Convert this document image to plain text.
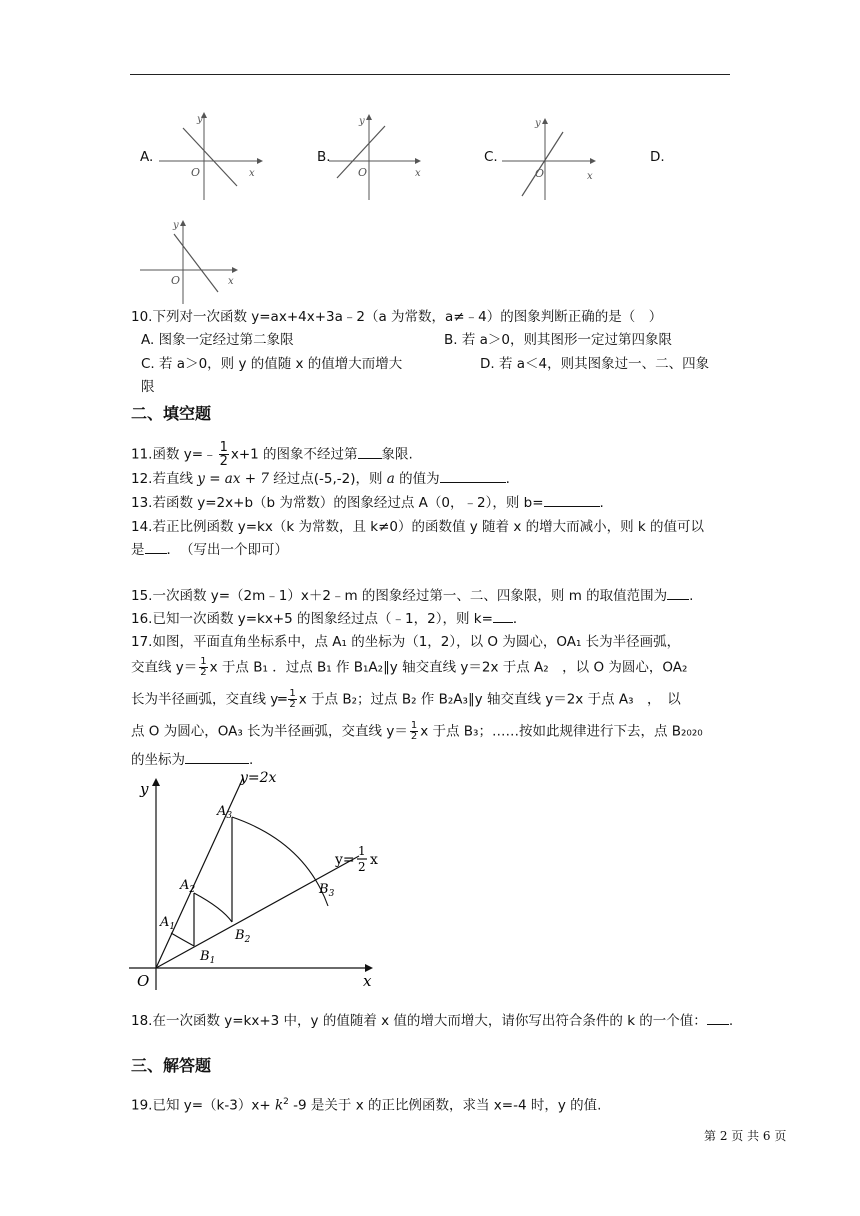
A.	B.	C.	D.
y
x
O
y
x
O
y
x
O
y
x
O
10.下列对一次函数 y=ax+4x+3a﹣2（a 为常数，a≠﹣4）的图象判断正确的是（　）
A. 图象一定经过第二象限	B. 若 a＞0，则其图形一定过第四象限
C. 若 a＞0，则 y 的值随 x 的值增大而增大	D. 若 a＜4，则其图象过一、二、四象
限
二、填空题
11.函数 y=﹣ $\frac{1}{2} x+1$ 的图象不经过第 象限.
12.若直线 y = ax + 7 经过点(-5,-2)，则 a 的值为	.
13.若函数 y=2x+b（b 为常数）的图象经过点 A（0，﹣2），则 b=	.
14.若正比例函数 y=kx（k 为常数，且 k≠0）的函数值 y 随着 x 的增大而减小，则 k 的值可以
是 ．　（写出一个即可）
15.一次函数 y=（2m﹣1）x＋2﹣m 的图象经过第一、二、四象限，则 m 的取值范围为 .
16.已知一次函数 y=kx+5 的图象经过点（﹣1，2），则 k= ．
17.如图，平面直角坐标系中，点 A₁ 的坐标为（1，2），以 O 为圆心，OA₁ 长为半径画弧，
交直线 $y= \frac{1}{2}$ x 于点 B₁ ．过点 B₁ 作 B₁A₂∥y 轴交直线 y＝2x 于点 A₂　，以 O 为圆心，OA₂
长为半径画弧，交直线 y═ $\frac{1}{2}$ x 于点 B₂；过点 B₂ 作 B₂A₃∥y 轴交直线 y＝2x 于点 A₃　，　以
点 O 为圆心，OA₃ 长为半径画弧，交直线 $y= \frac{1}{2}$ x 于点 B₃；……按如此规律进行下去，点 B₂₀₂₀
的坐标为	.
y
x
O
y=2x
y=
1
2 x
$A_1$
$A_2$
$A_3$
$B_1$
$B_2$
$B_3$
18.在一次函数 y=kx+3 中，y 的值随着 x 值的增大而增大，请你写出符合条件的 k 的一个值： .
三、解答题
19.已知 $y=(k-3)x+ k^2$ -9 是关于 x 的正比例函数，求当 x=-4 时，y 的值.
第 2 页 共 6 页
